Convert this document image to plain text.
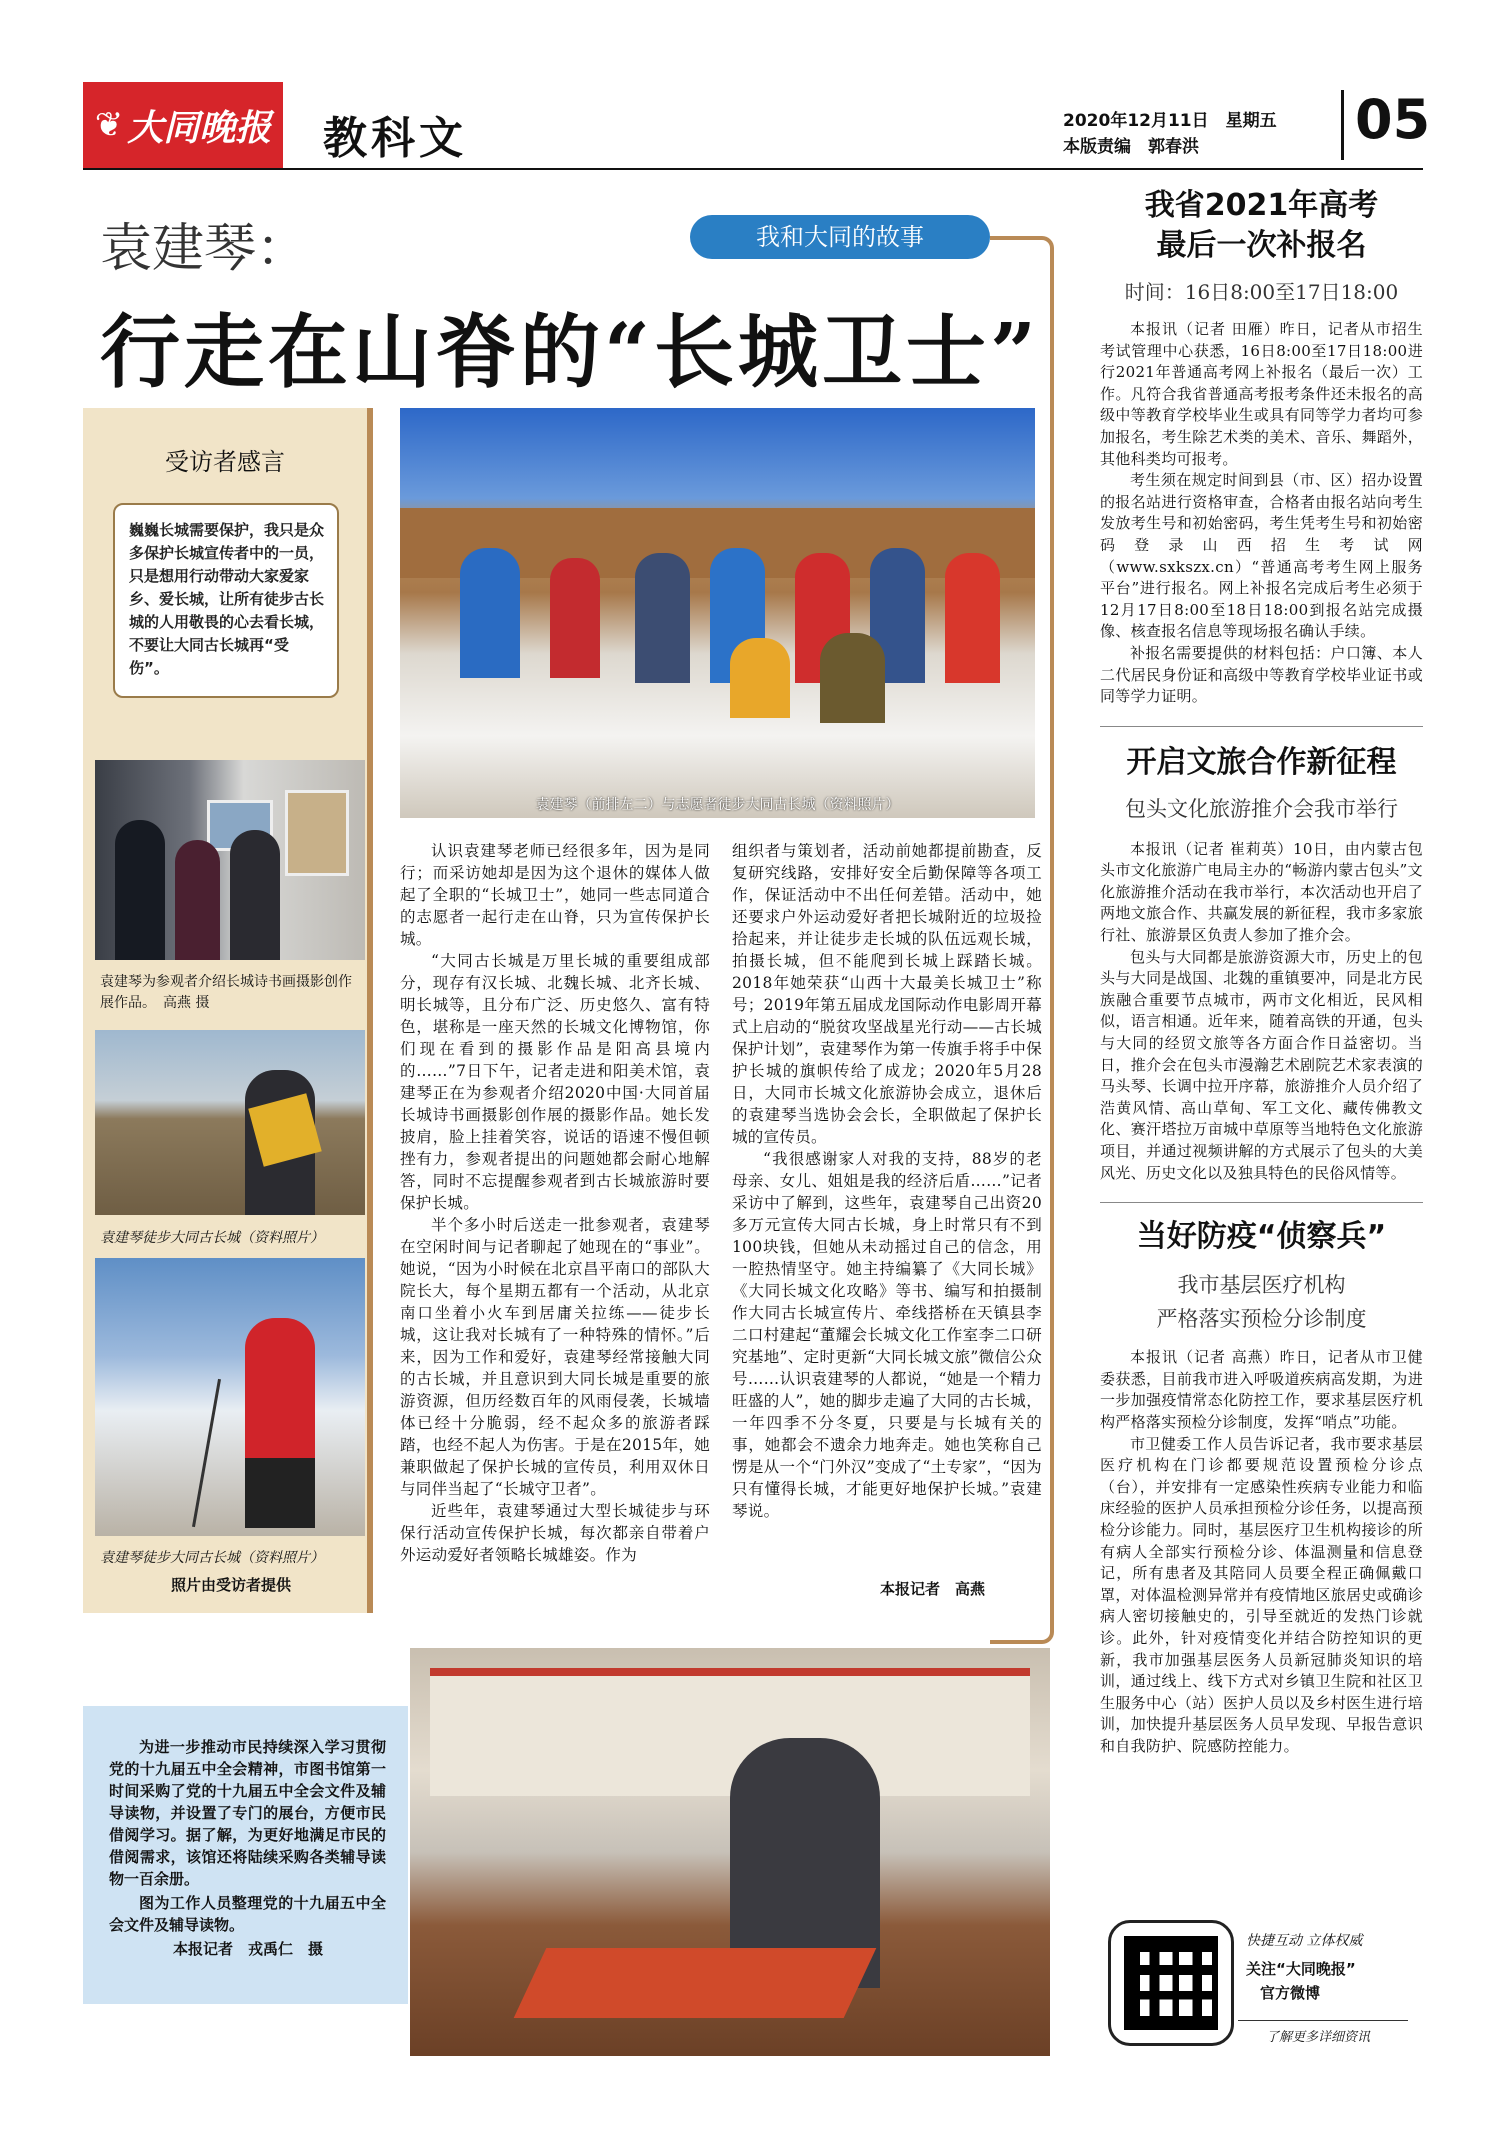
❦ 大同晚报 教科文	2020年12月11日　星期五
本版责编　郭春洪	05
袁建琴：	我和大同的故事
行走在山脊的“长城卫士”
受访者感言
巍巍长城需要保护，我只是众多保护长城宣传者中的一员，只是想用行动带动大家爱家乡、爱长城，让所有徒步古长城的人用敬畏的心去看长城，不要让大同古长城再“受伤”。
袁建琴为参观者介绍长城诗书画摄影创作展作品。　高燕 摄
袁建琴徒步大同古长城（资料照片）
袁建琴徒步大同古长城（资料照片）
照片由受访者提供
袁建琴（前排左二）与志愿者徒步大同古长城（资料照片）

认识袁建琴老师已经很多年，因为是同行；而采访她却是因为这个退休的媒体人做起了全职的“长城卫士”，她同一些志同道合的志愿者一起行走在山脊，只为宣传保护长城。

“大同古长城是万里长城的重要组成部分，现存有汉长城、北魏长城、北齐长城、明长城等，且分布广泛、历史悠久、富有特色，堪称是一座天然的长城文化博物馆，你们现在看到的摄影作品是阳高县境内的……”7日下午，记者走进和阳美术馆，袁建琴正在为参观者介绍2020中国·大同首届长城诗书画摄影创作展的摄影作品。她长发披肩，脸上挂着笑容，说话的语速不慢但顿挫有力，参观者提出的问题她都会耐心地解答，同时不忘提醒参观者到古长城旅游时要保护长城。

半个多小时后送走一批参观者，袁建琴在空闲时间与记者聊起了她现在的“事业”。她说，“因为小时候在北京昌平南口的部队大院长大，每个星期五都有一个活动，从北京南口坐着小火车到居庸关拉练——徒步长城，这让我对长城有了一种特殊的情怀。”后来，因为工作和爱好，袁建琴经常接触大同的古长城，并且意识到大同长城是重要的旅游资源，但历经数百年的风雨侵袭，长城墙体已经十分脆弱，经不起众多的旅游者踩踏，也经不起人为伤害。于是在2015年，她兼职做起了保护长城的宣传员，利用双休日与同伴当起了“长城守卫者”。

近些年，袁建琴通过大型长城徒步与环保行活动宣传保护长城，每次都亲自带着户外运动爱好者领略长城雄姿。作为

组织者与策划者，活动前她都提前勘查，反复研究线路，安排好安全后勤保障等各项工作，保证活动中不出任何差错。活动中，她还要求户外运动爱好者把长城附近的垃圾捡拾起来，并让徒步走长城的队伍远观长城，拍摄长城，但不能爬到长城上踩踏长城。2018年她荣获“山西十大最美长城卫士”称号；2019年第五届成龙国际动作电影周开幕式上启动的“脱贫攻坚战星光行动——古长城保护计划”，袁建琴作为第一传旗手将手中保护长城的旗帜传给了成龙；2020年5月28日，大同市长城文化旅游协会成立，退休后的袁建琴当选协会会长，全职做起了保护长城的宣传员。

“我很感谢家人对我的支持，88岁的老母亲、女儿、姐姐是我的经济后盾……”记者采访中了解到，这些年，袁建琴自己出资20多万元宣传大同古长城，身上时常只有不到100块钱，但她从未动摇过自己的信念，用一腔热情坚守。她主持编纂了《大同长城》《大同长城文化攻略》等书、编写和拍摄制作大同古长城宣传片、牵线搭桥在天镇县李二口村建起“董耀会长城文化工作室李二口研究基地”、定时更新“大同长城文旅”微信公众号……认识袁建琴的人都说，“她是一个精力旺盛的人”，她的脚步走遍了大同的古长城，一年四季不分冬夏，只要是与长城有关的事，她都会不遗余力地奔走。她也笑称自己愣是从一个“门外汉”变成了“土专家”，“因为只有懂得长城，才能更好地保护长城。”袁建琴说。

本报记者　高燕
为进一步推动市民持续深入学习贯彻党的十九届五中全会精神，市图书馆第一时间采购了党的十九届五中全会文件及辅导读物，并设置了专门的展台，方便市民借阅学习。据了解，为更好地满足市民的借阅需求，该馆还将陆续采购各类辅导读物一百余册。
图为工作人员整理党的十九届五中全会文件及辅导读物。
本报记者　戎禹仁　摄
我省2021年高考
最后一次补报名
时间：16日8:00至17日18:00

本报讯（记者 田雁）昨日，记者从市招生考试管理中心获悉，16日8:00至17日18:00进行2021年普通高考网上补报名（最后一次）工作。凡符合我省普通高考报考条件还未报名的高级中等教育学校毕业生或具有同等学力者均可参加报名，考生除艺术类的美术、音乐、舞蹈外，其他科类均可报考。

考生须在规定时间到县（市、区）招办设置的报名站进行资格审查，合格者由报名站向考生发放考生号和初始密码，考生凭考生号和初始密码登录山西招生考试网（www.sxkszx.cn）“普通高考考生网上服务平台”进行报名。网上补报名完成后考生必须于12月17日8:00至18日18:00到报名站完成摄像、核查报名信息等现场报名确认手续。

补报名需要提供的材料包括：户口簿、本人二代居民身份证和高级中等教育学校毕业证书或同等学力证明。

开启文旅合作新征程
包头文化旅游推介会我市举行

本报讯（记者 崔莉英）10日，由内蒙古包头市文化旅游广电局主办的“畅游内蒙古包头”文化旅游推介活动在我市举行，本次活动也开启了两地文旅合作、共赢发展的新征程，我市多家旅行社、旅游景区负责人参加了推介会。

包头与大同都是旅游资源大市，历史上的包头与大同是战国、北魏的重镇要冲，同是北方民族融合重要节点城市，两市文化相近，民风相似，语言相通。近年来，随着高铁的开通，包头与大同的经贸文旅等各方面合作日益密切。当日，推介会在包头市漫瀚艺术剧院艺术家表演的马头琴、长调中拉开序幕，旅游推介人员介绍了浩黄风情、高山草甸、军工文化、藏传佛教文化、赛汗塔拉万亩城中草原等当地特色文化旅游项目，并通过视频讲解的方式展示了包头的大美风光、历史文化以及独具特色的民俗风情等。

当好防疫“侦察兵”
我市基层医疗机构
严格落实预检分诊制度

本报讯（记者 高燕）昨日，记者从市卫健委获悉，目前我市进入呼吸道疾病高发期，为进一步加强疫情常态化防控工作，要求基层医疗机构严格落实预检分诊制度，发挥“哨点”功能。

市卫健委工作人员告诉记者，我市要求基层医疗机构在门诊都要规范设置预检分诊点（台），并安排有一定感染性疾病专业能力和临床经验的医护人员承担预检分诊任务，以提高预检分诊能力。同时，基层医疗卫生机构接诊的所有病人全部实行预检分诊、体温测量和信息登记，所有患者及其陪同人员要全程正确佩戴口罩，对体温检测异常并有疫情地区旅居史或确诊病人密切接触史的，引导至就近的发热门诊就诊。此外，针对疫情变化并结合防控知识的更新，我市加强基层医务人员新冠肺炎知识的培训，通过线上、线下方式对乡镇卫生院和社区卫生服务中心（站）医护人员以及乡村医生进行培训，加快提升基层医务人员早发现、早报告意识和自我防护、院感防控能力。

快捷互动 立体权威
关注“大同晚报”
官方微博
了解更多详细资讯
